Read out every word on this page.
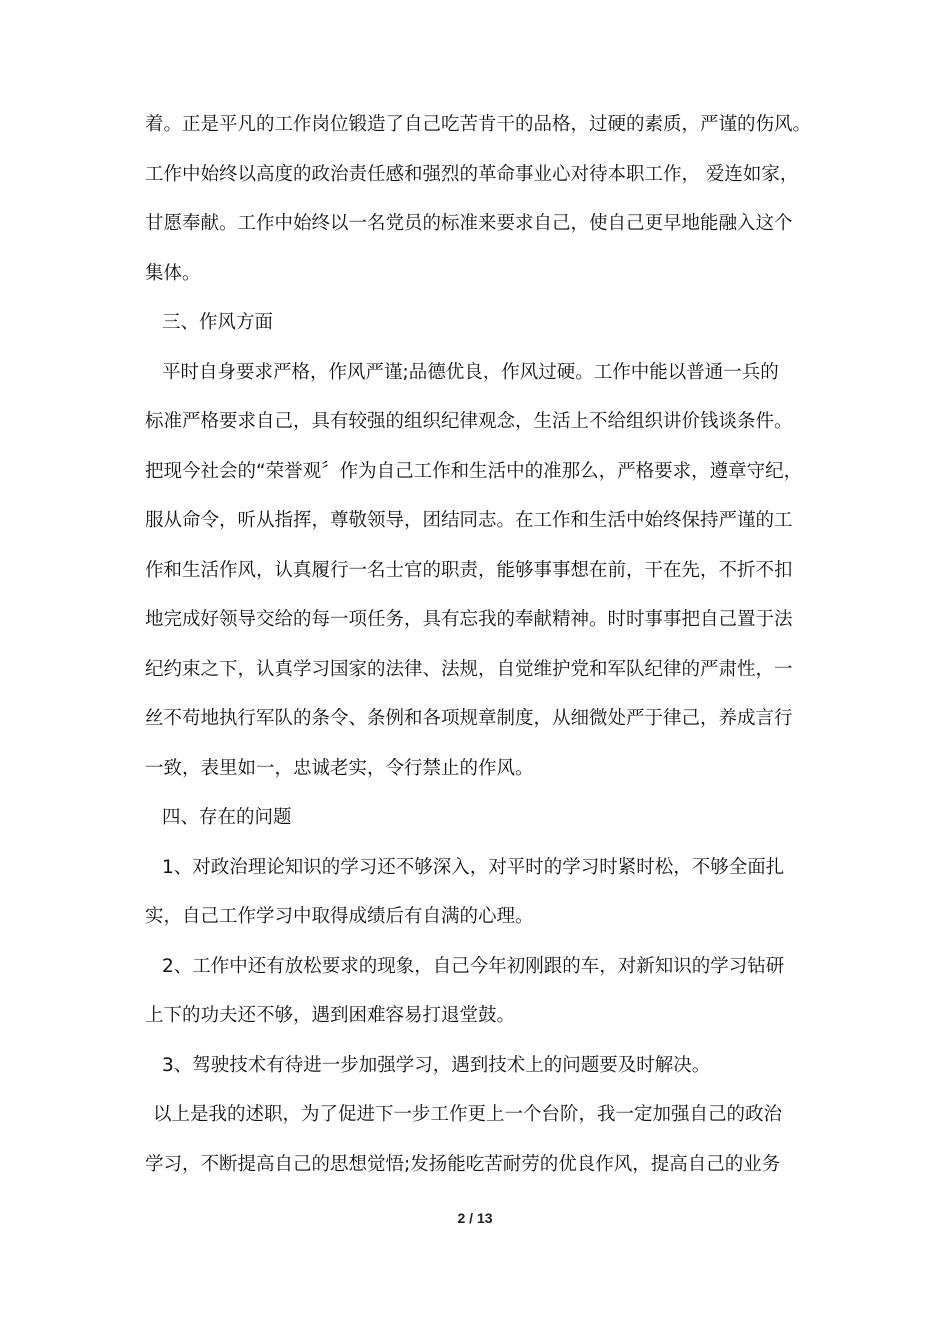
着。正是平凡的工作岗位锻造了自己吃苦肯干的品格，过硬的素质，严谨的伤风。
工作中始终以高度的政治责任感和强烈的革命事业心对待本职工作， 爱连如家，
甘愿奉献。工作中始终以一名党员的标准来要求自己，使自己更早地能融入这个
集体。
三、作风方面
平时自身要求严格，作风严谨;品德优良，作风过硬。工作中能以普通一兵的
标准严格要求自己，具有较强的组织纪律观念，生活上不给组织讲价钱谈条件。
把现今社会的“荣誉观〞作为自己工作和生活中的准那么，严格要求，遵章守纪，
服从命令，听从指挥，尊敬领导，团结同志。在工作和生活中始终保持严谨的工
作和生活作风，认真履行一名士官的职责，能够事事想在前，干在先，不折不扣
地完成好领导交给的每一项任务，具有忘我的奉献精神。时时事事把自己置于法
纪约束之下，认真学习国家的法律、法规，自觉维护党和军队纪律的严肃性，一
丝不苟地执行军队的条令、条例和各项规章制度，从细微处严于律己，养成言行
一致，表里如一，忠诚老实，令行禁止的作风。
四、存在的问题
1、对政治理论知识的学习还不够深入，对平时的学习时紧时松，不够全面扎
实，自己工作学习中取得成绩后有自满的心理。
2、工作中还有放松要求的现象，自己今年初刚跟的车，对新知识的学习钻研
上下的功夫还不够，遇到困难容易打退堂鼓。
3、驾驶技术有待进一步加强学习，遇到技术上的问题要及时解决。
以上是我的述职，为了促进下一步工作更上一个台阶，我一定加强自己的政治
学习，不断提高自己的思想觉悟;发扬能吃苦耐劳的优良作风，提高自己的业务
2 / 13
